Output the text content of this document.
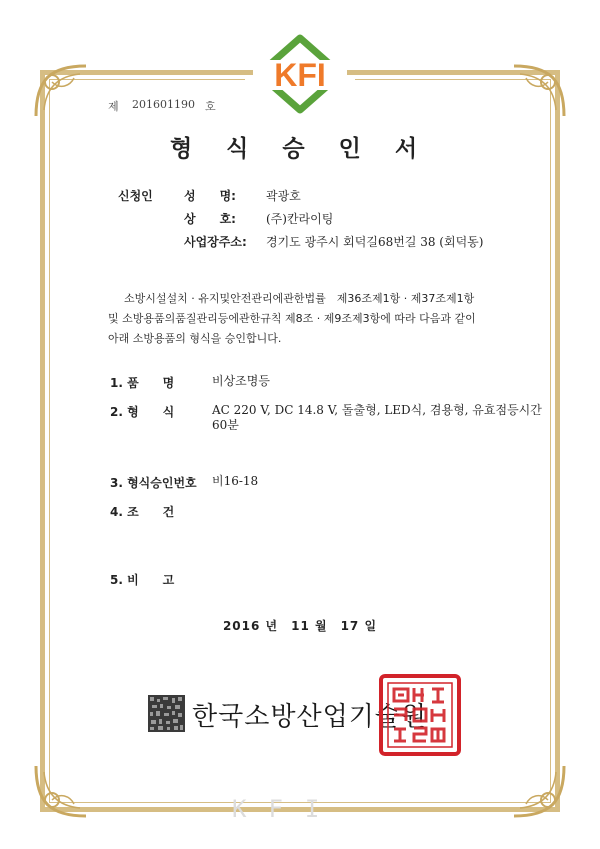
KFI
제 201601190 호
형 식 승 인 서
신청인	성　　명:	곽광호
상　　호:	(주)칸라이팅
사업장주소: 경기도 광주시 회덕길68번길 38 (회덕동)
소방시설설치 · 유지및안전관리에관한법률　제36조제1항 · 제37조제1항
및 소방용품의품질관리등에관한규칙 제8조 · 제9조제3항에 따라 다음과 같이
아래 소방용품의 형식을 승인합니다.
1. 품　　명	비상조명등
2. 형　　식	AC 220 V, DC 14.8 V, 돌출형, LED식, 겸용형, 유효점등시간 60분
3. 형식승인번호 비16-18
4. 조　　건
5. 비　　고
2016 년　11 월　17 일
한국소방산업기술원
KFI
